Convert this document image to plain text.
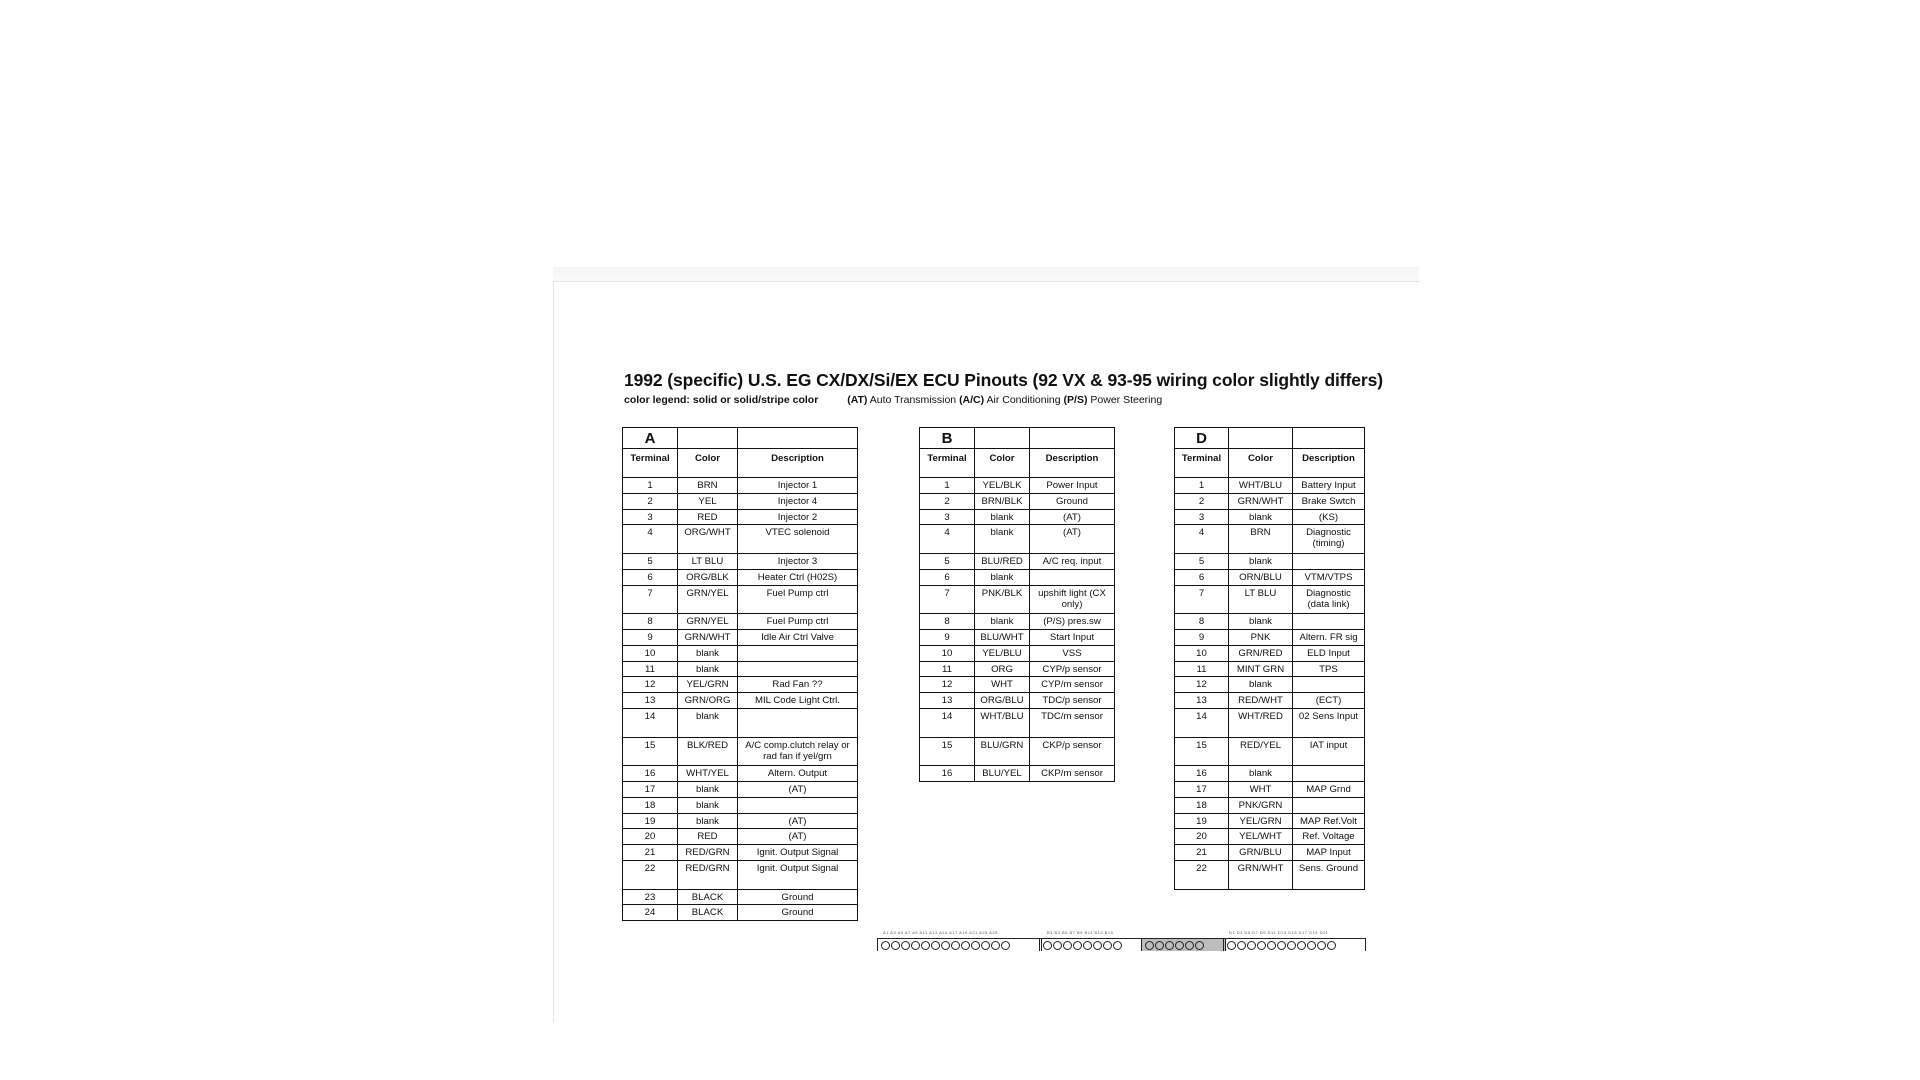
1992 (specific) U.S. EG CX/DX/Si/EX ECU Pinouts (92 VX & 93-95 wiring color slightly differs)
color legend: solid or solid/stripe color	(AT) Auto Transmission (A/C) Air Conditioning (P/S) Power Steering
A		
Terminal	Color	Description
1	BRN	Injector 1
2	YEL	Injector 4
3	RED	Injector 2
4	ORG/WHT	VTEC solenoid
5	LT BLU	Injector 3
6	ORG/BLK	Heater Ctrl (H02S)
7	GRN/YEL	Fuel Pump ctrl
8	GRN/YEL	Fuel Pump ctrl
9	GRN/WHT	Idle Air Ctrl Valve
10	blank	
11	blank	
12	YEL/GRN	Rad Fan ??
13	GRN/ORG	MIL Code Light Ctrl.
14	blank	
15	BLK/RED	A/C comp.clutch relay or rad fan if yel/grn
16	WHT/YEL	Altern. Output
17	blank	(AT)
18	blank	
19	blank	(AT)
20	RED	(AT)
21	RED/GRN	Ignit. Output Signal
22	RED/GRN	Ignit. Output Signal
23	BLACK	Ground
24	BLACK	Ground
B		
Terminal	Color	Description
1	YEL/BLK	Power Input
2	BRN/BLK	Ground
3	blank	(AT)
4	blank	(AT)
5	BLU/RED	A/C req. input
6	blank	
7	PNK/BLK	upshift light (CX only)
8	blank	(P/S) pres.sw
9	BLU/WHT	Start Input
10	YEL/BLU	VSS
11	ORG	CYP/p sensor
12	WHT	CYP/m sensor
13	ORG/BLU	TDC/p sensor
14	WHT/BLU	TDC/m sensor
15	BLU/GRN	CKP/p sensor
16	BLU/YEL	CKP/m sensor
D		
Terminal	Color	Description
1	WHT/BLU	Battery Input
2	GRN/WHT	Brake Swtch
3	blank	(KS)
4	BRN	Diagnostic (timing)
5	blank	
6	ORN/BLU	VTM/VTPS
7	LT BLU	Diagnostic (data link)
8	blank	
9	PNK	Altern. FR sig
10	GRN/RED	ELD Input
11	MINT GRN	TPS
12	blank	
13	RED/WHT	(ECT)
14	WHT/RED	02 Sens Input
15	RED/YEL	IAT input
16	blank	
17	WHT	MAP Grnd
18	PNK/GRN	
19	YEL/GRN	MAP Ref.Volt
20	YEL/WHT	Ref. Voltage
21	GRN/BLU	MAP Input
22	GRN/WHT	Sens. Ground
A1 A3 A5 A7 A9 A11 A13 A15 A17 A19 A21 A23 A25	B1 B3 B5 B7 B9 B11 B13 B15	D1 D3 D5 D7 D9 D11 D13 D15 D17 D19 D21
